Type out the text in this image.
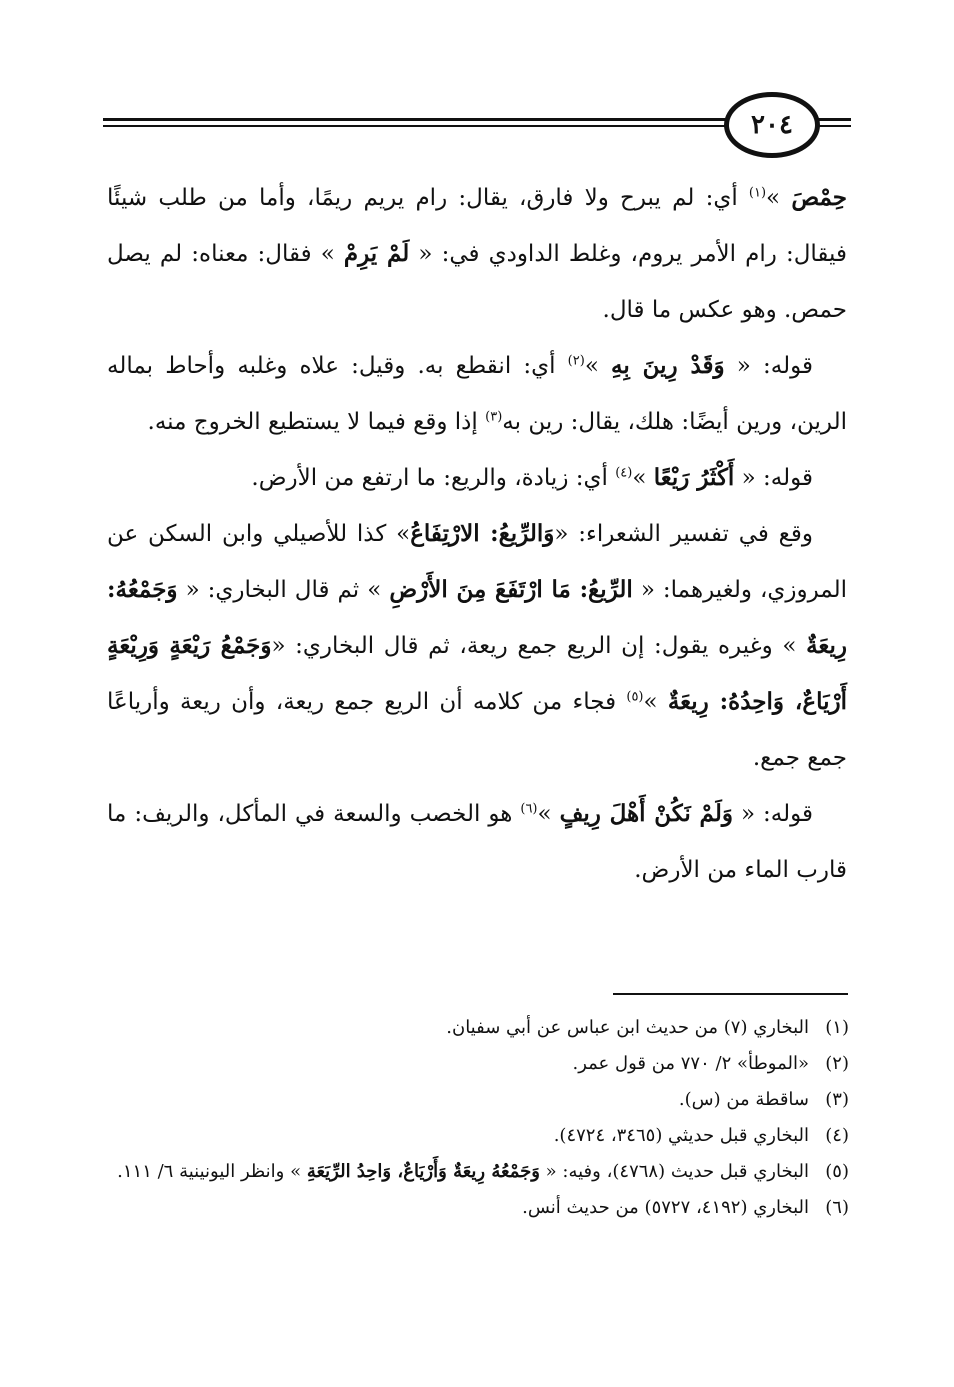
٢٠٤

حِمْصَ »$^{(١)}$ أي: لم يبرح ولا فارق، يقال: رام يريم ريمًا، وأما من طلب شيئًا فيقال: رام الأمر يروم، وغلط الداودي في: « لَمْ يَرِمْ » فقال: معناه: لم يصل حمص. وهو عكس ما قال.

قوله: « وَقَدْ رِينَ بِهِ »$^{(٢)}$ أي: انقطع به. وقيل: علاه وغلبه وأحاط بماله الرين، ورين أيضًا: هلك، يقال: رين به$^{(٣)}$ إذا وقع فيما لا يستطيع الخروج منه.

قوله: « أَكْثَرُ رَيْعًا »$^{(٤)}$ أي: زيادة، والريع: ما ارتفع من الأرض.

وقع في تفسير الشعراء: «وَالرِّيعُ: الارْتِفَاعُ» كذا للأصيلي وابن السكن عن المروزي، ولغيرهما: « الرِّيعُ: مَا ارْتَفَعَ مِنَ الأَرْضِ » ثم قال البخاري: « وَجَمْعُهُ: رِيعَةٌ » وغيره يقول: إن الريع جمع ريعة، ثم قال البخاري: «وَجَمْعُ رَيْعَةٍ وَرِيْعَةٍ أَرْيَاعٌ، وَاحِدُهُ: رِيعَةٌ »$^{(٥)}$ فجاء من كلامه أن الريع جمع ريعة، وأن ريعة وأرياعًا جمع جمع.

قوله: « وَلَمْ نَكُنْ أَهْلَ رِيفٍ »$^{(٦)}$ هو الخصب والسعة في المأكل، والريف: ما قارب الماء من الأرض.

(١)
البخاري (٧) من حديث ابن عباس عن أبي سفيان.
(٢)
«الموطأ» ٢/ ٧٧٠ من قول عمر.
(٣)
ساقطة من (س).
(٤)
البخاري قبل حديثي (٣٤٦٥، ٤٧٢٤).
(٥)
البخاري قبل حديث (٤٧٦٨)، وفيه: « وَجَمْعُهُ رِيعَةٌ وَأَرْيَاعٌ، وَاحِدُ الرِّيَعَةِ » وانظر اليونينية ٦/ ١١١.
(٦)
البخاري (٤١٩٢، ٥٧٢٧) من حديث أنس.
